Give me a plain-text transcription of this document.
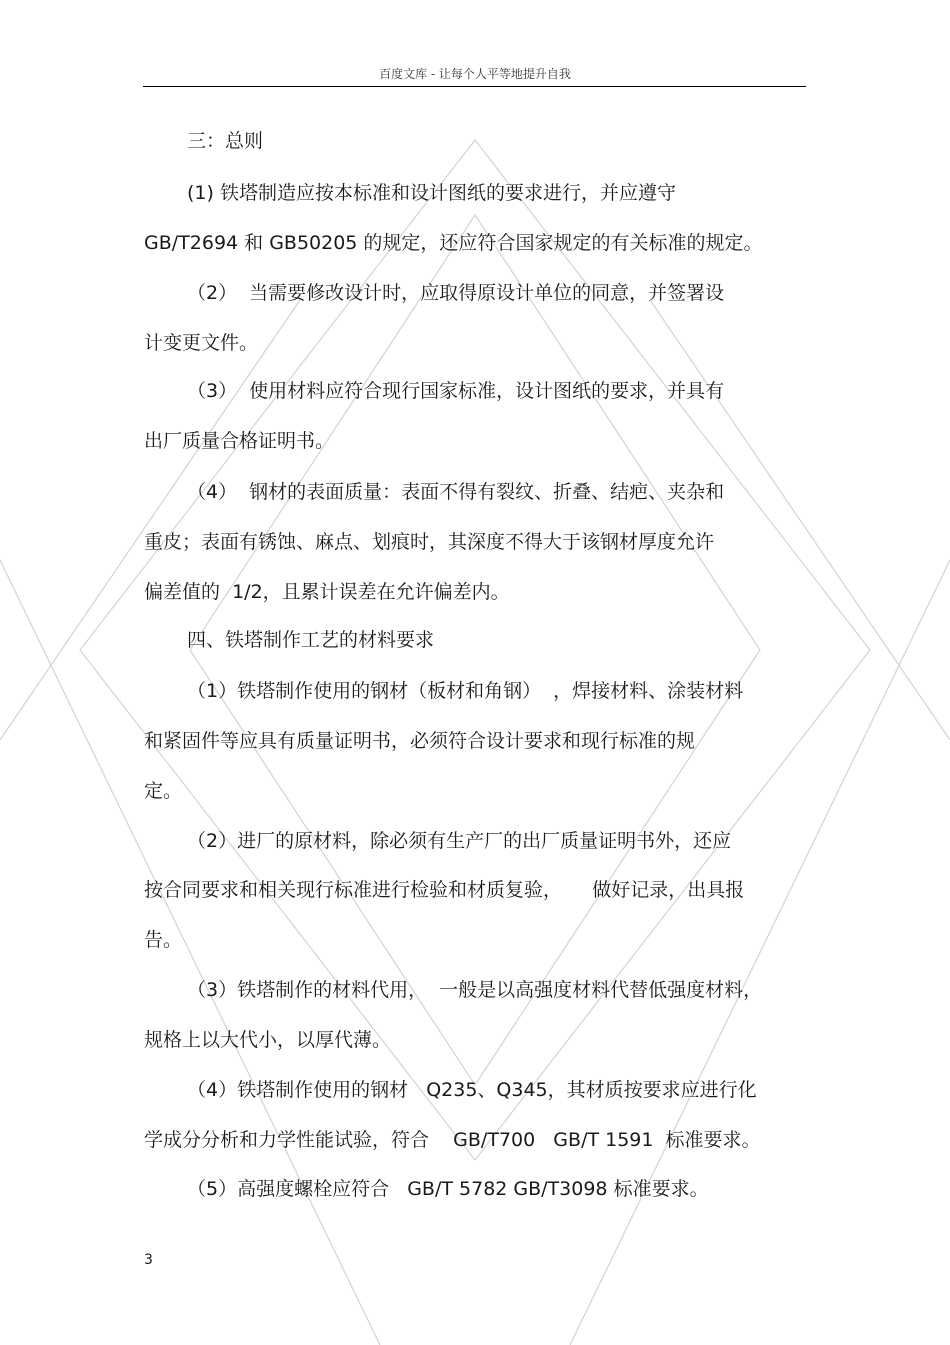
百度文库 - 让每个人平等地提升自我
三：总则
(1) 铁塔制造应按本标准和设计图纸的要求进行，并应遵守
GB/T2694 和 GB50205 的规定，还应符合国家规定的有关标准的规定。
（2）  当需要修改设计时，应取得原设计单位的同意，并签署设
计变更文件。
（3）  使用材料应符合现行国家标准，设计图纸的要求，并具有
出厂质量合格证明书。
（4）  钢材的表面质量：表面不得有裂纹、折叠、结疤、夹杂和
重皮；表面有锈蚀、麻点、划痕时，其深度不得大于该钢材厚度允许
偏差值的  1/2，且累计误差在允许偏差内。
四、铁塔制作工艺的材料要求
（1）铁塔制作使用的钢材（板材和角钢）  ，焊接材料、涂装材料
和紧固件等应具有质量证明书，必须符合设计要求和现行标准的规
定。
（2）进厂的原材料，除必须有生产厂的出厂质量证明书外，还应
按合同要求和相关现行标准进行检验和材质复验，     做好记录，出具报
告。
（3）铁塔制作的材料代用，  一般是以高强度材料代替低强度材料，
规格上以大代小，以厚代薄。
（4）铁塔制作使用的钢材   Q235、Q345，其材质按要求应进行化
学成分分析和力学性能试验，符合    GB/T700   GB/T 1591  标准要求。
（5）高强度螺栓应符合   GB/T 5782 GB/T3098 标准要求。
3
